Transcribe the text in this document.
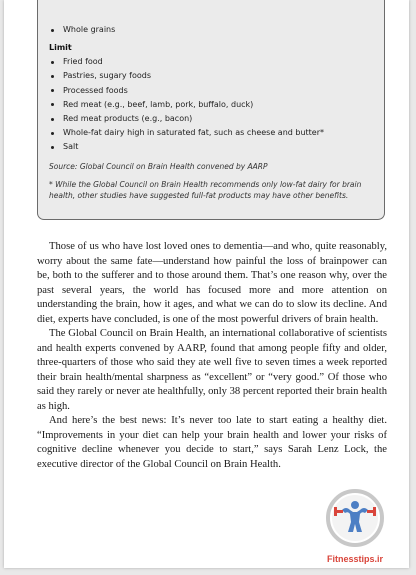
Whole grains
Limit
Fried food
Pastries, sugary foods
Processed foods
Red meat (e.g., beef, lamb, pork, buffalo, duck)
Red meat products (e.g., bacon)
Whole-fat dairy high in saturated fat, such as cheese and butter*
Salt
Source: Global Council on Brain Health convened by AARP
* While the Global Council on Brain Health recommends only low-fat dairy for brain health, other studies have suggested full-fat products may have other benefits.

Those of us who have lost loved ones to dementia—and who, quite reasonably, worry about the same fate—understand how painful the loss of brainpower can be, both to the sufferer and to those around them. That’s one reason why, over the past several years, the world has focused more and more attention on understanding the brain, how it ages, and what we can do to slow its decline. And diet, experts have concluded, is one of the most powerful drivers of brain health.

The Global Council on Brain Health, an international collaborative of scientists and health experts convened by AARP, found that among people fifty and older, three-quarters of those who said they ate well five to seven times a week reported their brain health/mental sharpness as “excellent” or “very good.” Of those who said they rarely or never ate healthfully, only 38 percent reported their brain health as high.

And here’s the best news: It’s never too late to start eating a healthy diet. “Improvements in your diet can help your brain health and lower your risks of cognitive decline whenever you decide to start,” says Sarah Lenz Lock, the executive director of the Global Council on Brain Health.

Fitnesstips.ir
